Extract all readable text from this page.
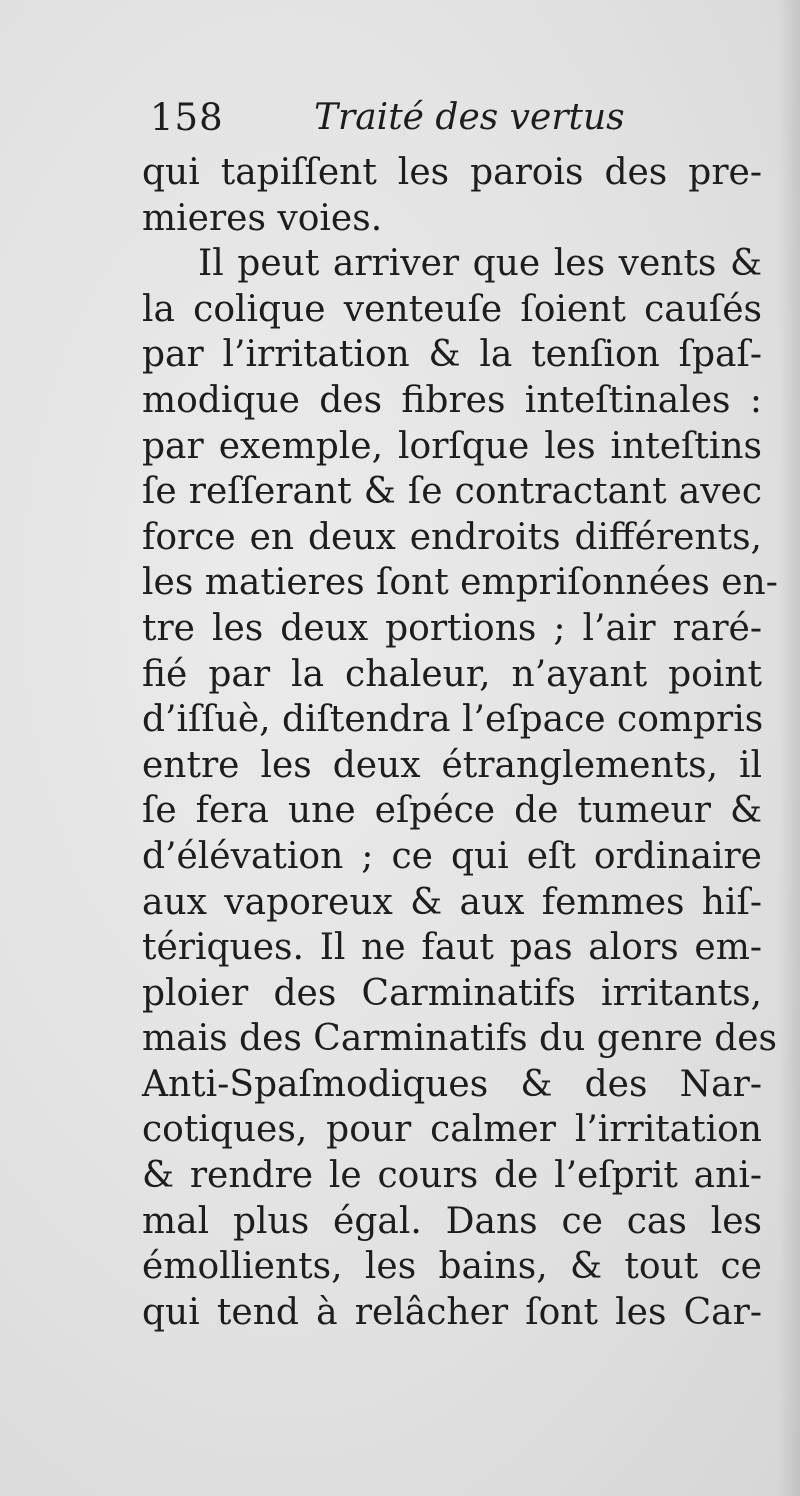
158	Traité des vertus
qui tapiſſent les parois des pre-
mieres voies.
Il peut arriver que les vents &
la colique venteuſe ſoient cauſés
par l’irritation & la tenſion ſpaſ-
modique des fibres inteſtinales :
par exemple, lorſque les inteſtins
ſe reſſerant & ſe contractant avec
force en deux endroits différents,
les matieres ſont empriſonnées en-
tre les deux portions ; l’air raré-
fié par la chaleur, n’ayant point
d’iſſuè, diſtendra l’eſpace compris
entre les deux étranglements, il
ſe fera une eſpéce de tumeur &
d’élévation ; ce qui eſt ordinaire
aux vaporeux & aux femmes hiſ-
tériques. Il ne faut pas alors em-
ploier des Carminatifs irritants,
mais des Carminatifs du genre des
Anti-Spaſmodiques & des Nar-
cotiques, pour calmer l’irritation
& rendre le cours de l’eſprit ani-
mal plus égal. Dans ce cas les
émollients, les bains, & tout ce
qui tend à relâcher ſont les Car-
